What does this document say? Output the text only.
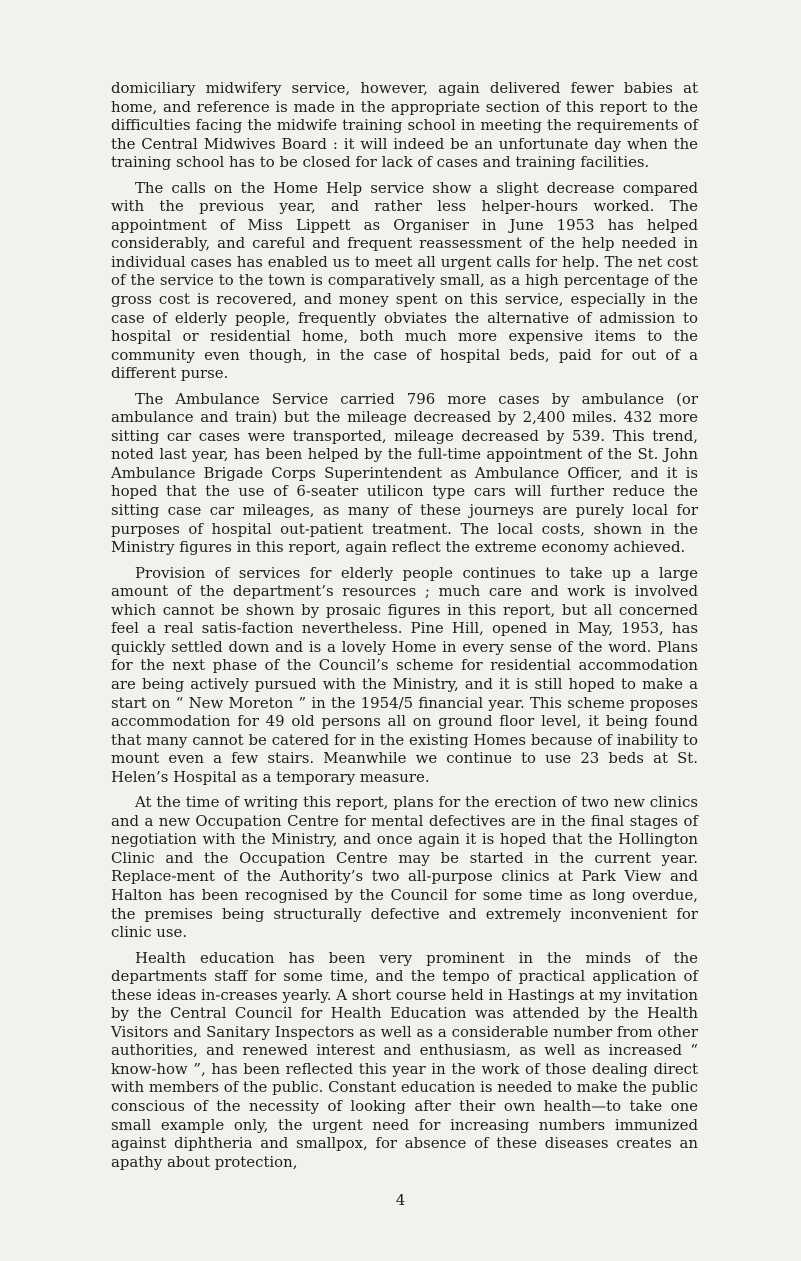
domiciliary midwifery service, however, again delivered fewer babies at home, and reference is made in the appropriate section of this report to the difficulties facing the midwife training school in meeting the requirements of the Central Midwives Board : it will indeed be an unfortunate day when the training school has to be closed for lack of cases and training facilities.

The calls on the Home Help service show a slight decrease compared with the previous year, and rather less helper-hours worked. The appointment of Miss Lippett as Organiser in June 1953 has helped considerably, and careful and frequent reassessment of the help needed in individual cases has enabled us to meet all urgent calls for help. The net cost of the service to the town is comparatively small, as a high percentage of the gross cost is recovered, and money spent on this service, especially in the case of elderly people, frequently obviates the alternative of admission to hospital or residential home, both much more expensive items to the community even though, in the case of hospital beds, paid for out of a different purse.

The Ambulance Service carried 796 more cases by ambulance (or ambulance and train) but the mileage decreased by 2,400 miles. 432 more sitting car cases were transported, mileage decreased by 539. This trend, noted last year, has been helped by the full-time appointment of the St. John Ambulance Brigade Corps Superintendent as Ambulance Officer, and it is hoped that the use of 6-seater utilicon type cars will further reduce the sitting case car mileages, as many of these journeys are purely local for purposes of hospital out-patient treatment. The local costs, shown in the Ministry figures in this report, again reflect the extreme economy achieved.

Provision of services for elderly people continues to take up a large amount of the department’s resources ; much care and work is involved which cannot be shown by prosaic figures in this report, but all concerned feel a real satis-faction nevertheless. Pine Hill, opened in May, 1953, has quickly settled down and is a lovely Home in every sense of the word. Plans for the next phase of the Council’s scheme for residential accommodation are being actively pursued with the Ministry, and it is still hoped to make a start on “ New Moreton ” in the 1954/5 financial year. This scheme proposes accommodation for 49 old persons all on ground floor level, it being found that many cannot be catered for in the existing Homes because of inability to mount even a few stairs. Meanwhile we continue to use 23 beds at St. Helen’s Hospital as a temporary measure.

At the time of writing this report, plans for the erection of two new clinics and a new Occupation Centre for mental defectives are in the final stages of negotiation with the Ministry, and once again it is hoped that the Hollington Clinic and the Occupation Centre may be started in the current year. Replace-ment of the Authority’s two all-purpose clinics at Park View and Halton has been recognised by the Council for some time as long overdue, the premises being structurally defective and extremely inconvenient for clinic use.

Health education has been very prominent in the minds of the departments staff for some time, and the tempo of practical application of these ideas in-creases yearly. A short course held in Hastings at my invitation by the Central Council for Health Education was attended by the Health Visitors and Sanitary Inspectors as well as a considerable number from other authorities, and renewed interest and enthusiasm, as well as increased “ know-how ”, has been reflected this year in the work of those dealing direct with members of the public. Constant education is needed to make the public conscious of the necessity of looking after their own health—to take one small example only, the urgent need for increasing numbers immunized against diphtheria and smallpox, for absence of these diseases creates an apathy about protection,

4
